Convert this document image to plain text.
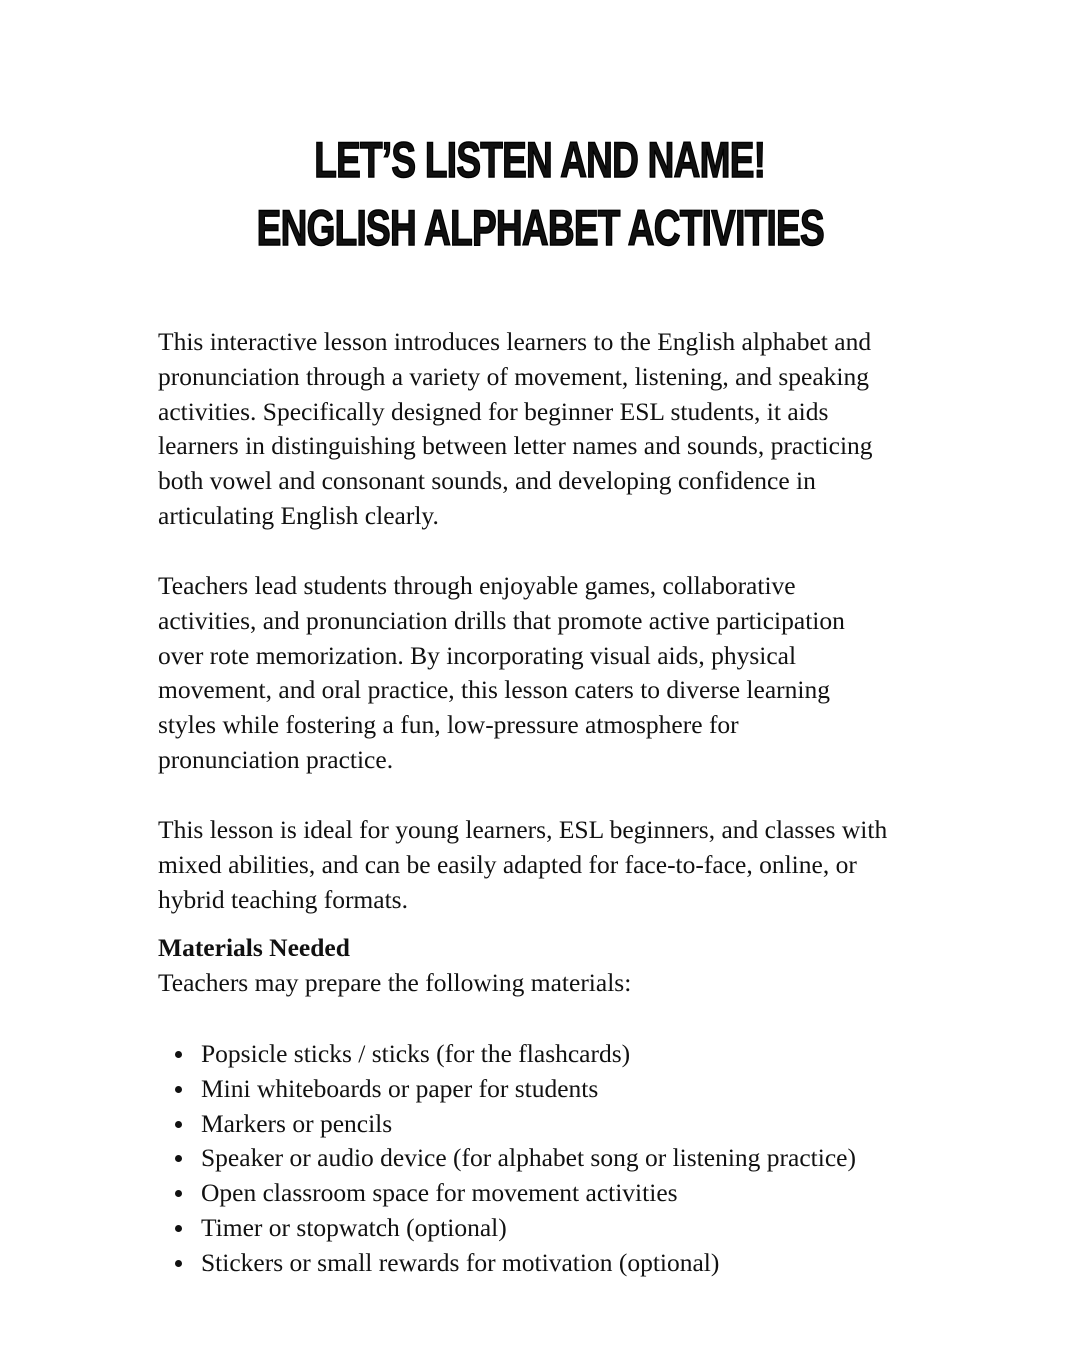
LET’S LISTEN AND NAME!
ENGLISH ALPHABET ACTIVITIES
This interactive lesson introduces learners to the English alphabet and
pronunciation through a variety of movement, listening, and speaking
activities. Specifically designed for beginner ESL students, it aids
learners in distinguishing between letter names and sounds, practicing
both vowel and consonant sounds, and developing confidence in
articulating English clearly.
Teachers lead students through enjoyable games, collaborative
activities, and pronunciation drills that promote active participation
over rote memorization. By incorporating visual aids, physical
movement, and oral practice, this lesson caters to diverse learning
styles while fostering a fun, low-pressure atmosphere for
pronunciation practice.
This lesson is ideal for young learners, ESL beginners, and classes with
mixed abilities, and can be easily adapted for face-to-face, online, or
hybrid teaching formats.
Materials Needed
Teachers may prepare the following materials:
Popsicle sticks / sticks (for the flashcards)
Mini whiteboards or paper for students
Markers or pencils
Speaker or audio device (for alphabet song or listening practice)
Open classroom space for movement activities
Timer or stopwatch (optional)
Stickers or small rewards for motivation (optional)
